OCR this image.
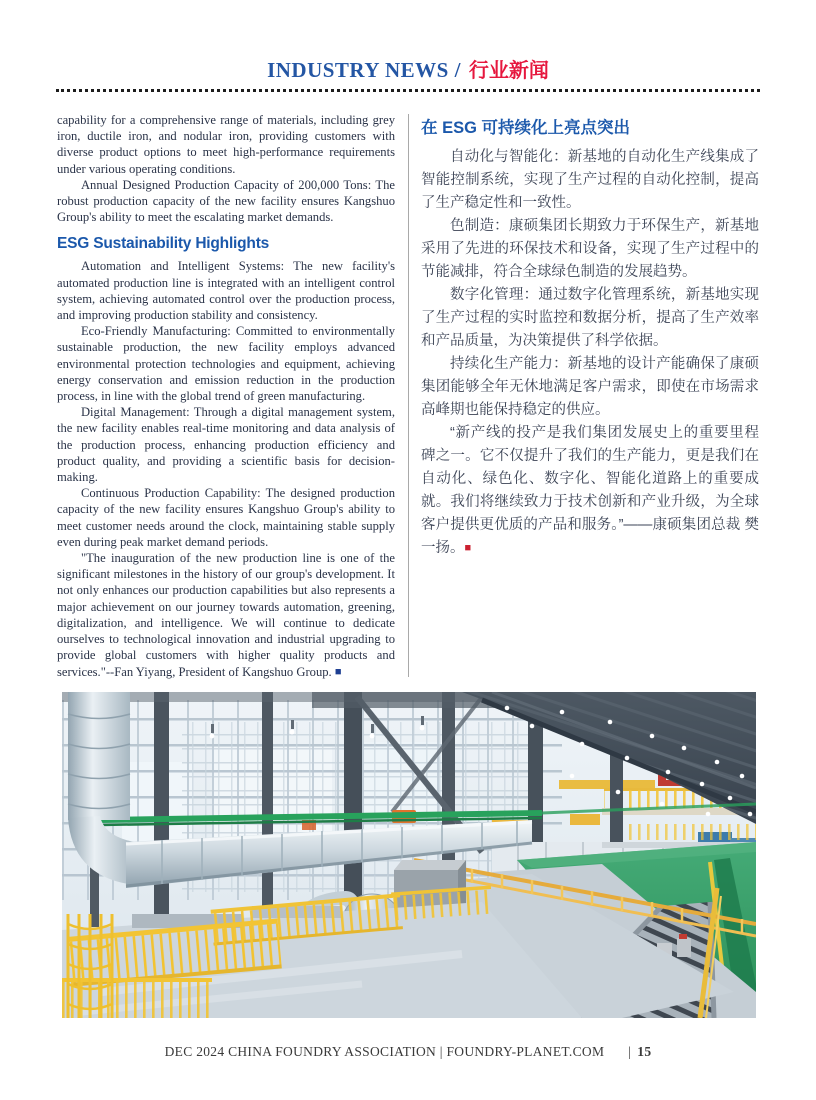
INDUSTRY NEWS / 行业新闻

capability for a comprehensive range of materials, including grey iron, ductile iron, and nodular iron, providing customers with diverse product options to meet high-performance requirements under various operating conditions.

Annual Designed Production Capacity of 200,000 Tons: The robust production capacity of the new facility ensures Kangshuo Group's ability to meet the escalating market demands.

ESG Sustainability Highlights

Automation and Intelligent Systems: The new facility's automated production line is integrated with an intelligent control system, achieving automated control over the production process, and improving production stability and consistency.

Eco-Friendly Manufacturing: Committed to environmentally sustainable production, the new facility employs advanced environmental protection technologies and equipment, achieving energy conservation and emission reduction in the production process, in line with the global trend of green manufacturing.

Digital Management: Through a digital management system, the new facility enables real-time monitoring and data analysis of the production process, enhancing production efficiency and product quality, and providing a scientific basis for decision-making.

Continuous Production Capability: The designed production capacity of the new facility ensures Kangshuo Group's ability to meet customer needs around the clock, maintaining stable supply even during peak market demand periods.

"The inauguration of the new production line is one of the significant milestones in the history of our group's development. It not only enhances our production capabilities but also represents a major achievement on our journey towards automation, greening, digitalization, and intelligence. We will continue to dedicate ourselves to technological innovation and industrial upgrading to provide global customers with higher quality products and services."--Fan Yiyang, President of Kangshuo Group. ■

在 ESG 可持续化上亮点突出

自动化与智能化：新基地的自动化生产线集成了智能控制系统，实现了生产过程的自动化控制，提高了生产稳定性和一致性。

色制造：康硕集团长期致力于环保生产，新基地采用了先进的环保技术和设备，实现了生产过程中的节能减排，符合全球绿色制造的发展趋势。

数字化管理：通过数字化管理系统，新基地实现了生产过程的实时监控和数据分析，提高了生产效率和产品质量，为决策提供了科学依据。

持续化生产能力：新基地的设计产能确保了康硕集团能够全年无休地满足客户需求，即使在市场需求高峰期也能保持稳定的供应。

“新产线的投产是我们集团发展史上的重要里程碑之一。它不仅提升了我们的生产能力，更是我们在自动化、绿色化、数字化、智能化道路上的重要成就。我们将继续致力于技术创新和产业升级，为全球客户提供更优质的产品和服务。”——康硕集团总裁 樊一扬。■

DEC 2024 CHINA FOUNDRY ASSOCIATION | FOUNDRY-PLANET.COM | 15
